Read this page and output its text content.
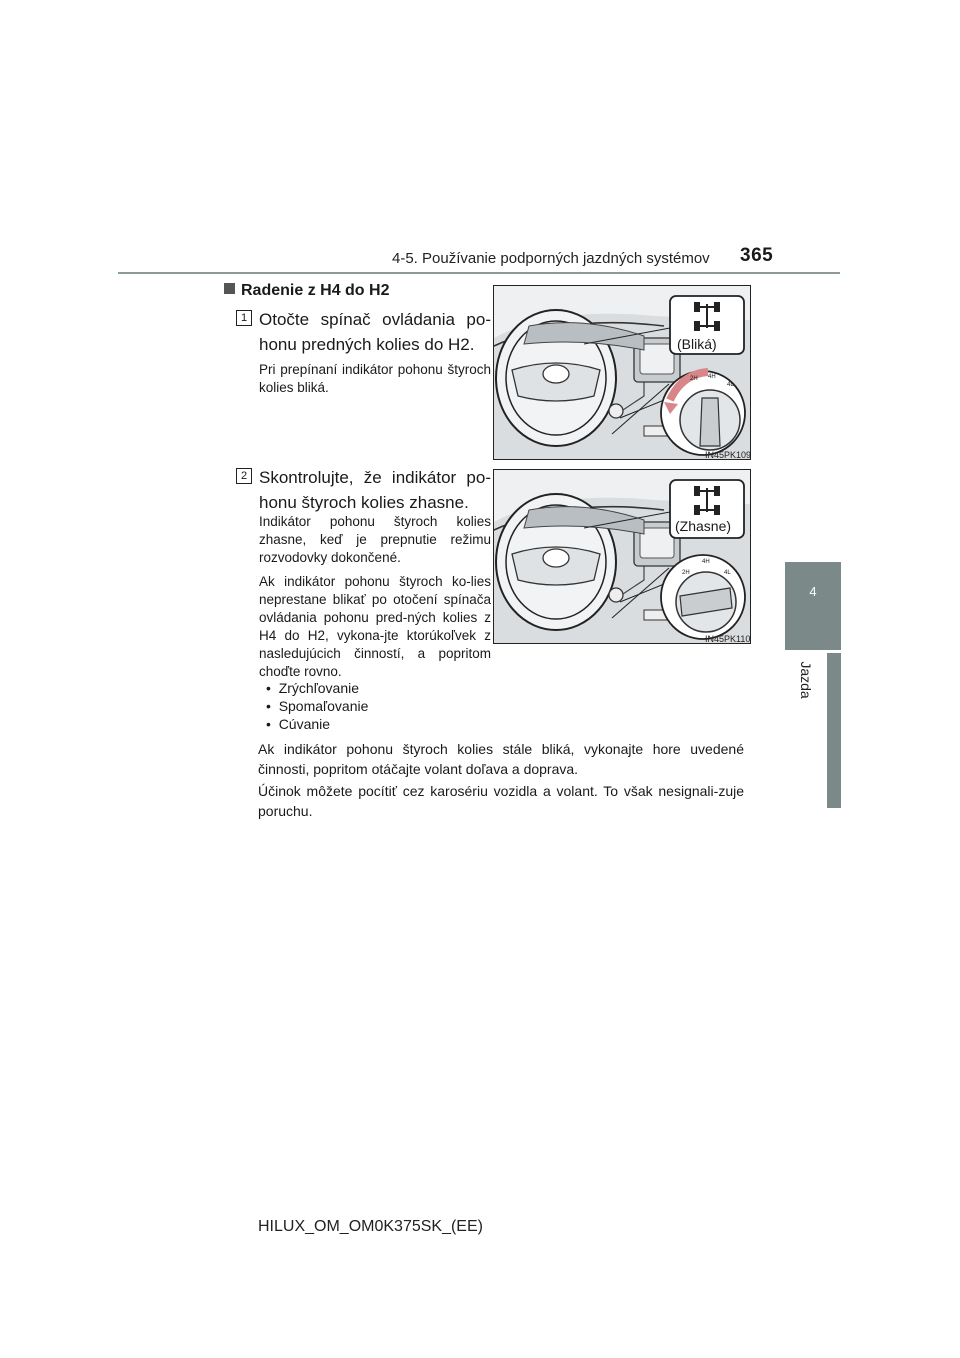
4-5. Používanie podporných jazdných systémov 365
4
Jazda
Radenie z H4 do H2
1 Otočte spínač ovládania po-honu predných kolies do H2.
Pri prepínaní indikátor pohonu štyroch kolies bliká.
(Bliká)
2H 4H
4L
IN45PK109
2 Skontrolujte, že indikátor po-honu štyroch kolies zhasne.
Indikátor pohonu štyroch kolies zhasne, keď je prepnutie režimu rozvodovky dokončené.
Ak indikátor pohonu štyroch ko-lies neprestane blikať po otočení spínača ovládania pohonu pred-ných kolies z H4 do H2, vykona-jte ktorúkoľvek z nasledujúcich činností, a popritom choďte rovno.
(Zhasne)
2H
4H
4L
IN45PK110
•  Zrýchľovanie
•  Spomaľovanie
•  Cúvanie
Ak indikátor pohonu štyroch kolies stále bliká, vykonajte hore uvedené činnosti, popritom otáčajte volant doľava a doprava.
Účinok môžete pocítiť cez karosériu vozidla a volant. To však nesignali-zuje poruchu.
HILUX_OM_OM0K375SK_(EE)
